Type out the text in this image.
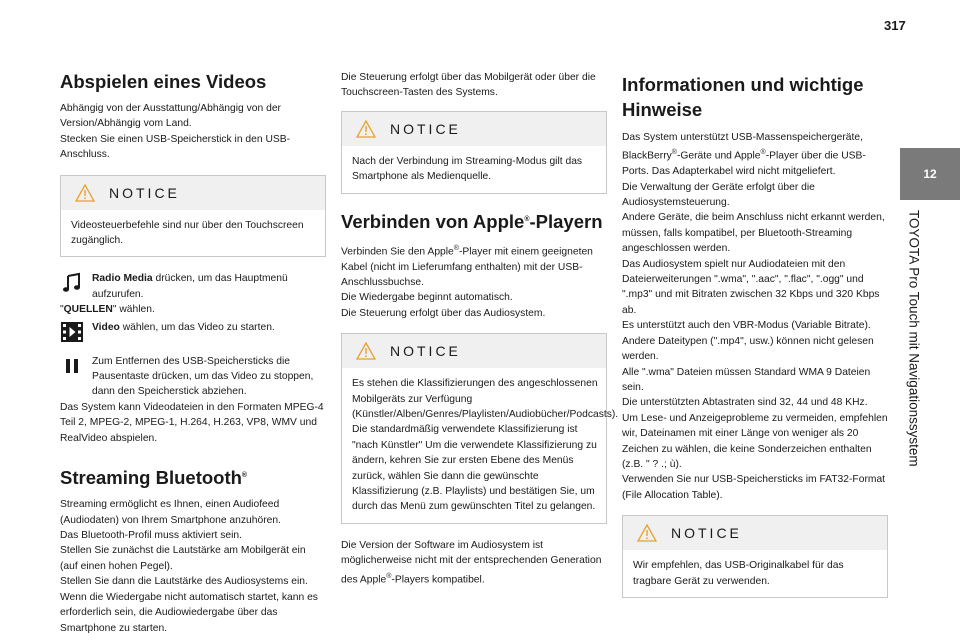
317
12
TOYOTA Pro Touch mit Navigationssystem
Abspielen eines Videos

Abhängig von der Ausstattung/Abhängig von der Version/Abhängig vom Land.

Stecken Sie einen USB-Speicherstick in den USB-Anschluss.

NOTICE
Videosteuerbefehle sind nur über den Touchscreen zugänglich.

Radio Media drücken, um das Hauptmenü aufzurufen.

"QUELLEN" wählen.

Video wählen, um das Video zu starten.

Zum Entfernen des USB-Speichersticks die Pausentaste drücken, um das Video zu stoppen, dann den Speicherstick abziehen.

Das System kann Videodateien in den Formaten MPEG-4 Teil 2, MPEG-2, MPEG-1, H.264, H.263, VP8, WMV und RealVideo abspielen.

Streaming Bluetooth®

Streaming ermöglicht es Ihnen, einen Audiofeed (Audiodaten) von Ihrem Smartphone anzuhören.

Das Bluetooth-Profil muss aktiviert sein.

Stellen Sie zunächst die Lautstärke am Mobilgerät ein (auf einen hohen Pegel).

Stellen Sie dann die Lautstärke des Audiosystems ein.

Wenn die Wiedergabe nicht automatisch startet, kann es erforderlich sein, die Audiowiedergabe über das Smartphone zu starten.

Die Steuerung erfolgt über das Mobilgerät oder über die Touchscreen-Tasten des Systems.

NOTICE
Nach der Verbindung im Streaming-Modus gilt das Smartphone als Medienquelle.
Verbinden von Apple®-Playern

Verbinden Sie den Apple®-Player mit einem geeigneten Kabel (nicht im Lieferumfang enthalten) mit der USB-Anschlussbuchse.

Die Wiedergabe beginnt automatisch.

Die Steuerung erfolgt über das Audiosystem.

NOTICE
Es stehen die Klassifizierungen des angeschlossenen Mobilgeräts zur Verfügung (Künstler/Alben/Genres/Playlisten/Audiobücher/Podcasts).
Die standardmäßig verwendete Klassifizierung ist "nach Künstler" Um die verwendete Klassifizierung zu ändern, kehren Sie zur ersten Ebene des Menüs zurück, wählen Sie dann die gewünschte Klassifizierung (z.B. Playlists) und bestätigen Sie, um durch das Menü zum gewünschten Titel zu gelangen.

Die Version der Software im Audiosystem ist möglicherweise nicht mit der entsprechenden Generation des Apple®-Players kompatibel.

Informationen und wichtige
Hinweise

Das System unterstützt USB-Massenspeichergeräte, BlackBerry®-Geräte und Apple®-Player über die USB-Ports. Das Adapterkabel wird nicht mitgeliefert.

Die Verwaltung der Geräte erfolgt über die Audiosystemsteuerung.

Andere Geräte, die beim Anschluss nicht erkannt werden, müssen, falls kompatibel, per Bluetooth-Streaming angeschlossen werden.

Das Audiosystem spielt nur Audiodateien mit den Dateierweiterungen ".wma", ".aac", ".flac", ".ogg" und ".mp3" und mit Bitraten zwischen 32 Kbps und 320 Kbps ab.

Es unterstützt auch den VBR-Modus (Variable Bitrate).

Andere Dateitypen (".mp4", usw.) können nicht gelesen werden.

Alle ".wma" Dateien müssen Standard WMA 9 Dateien sein.

Die unterstützten Abtastraten sind 32, 44 und 48 KHz.

Um Lese- und Anzeigeprobleme zu vermeiden, empfehlen wir, Dateinamen mit einer Länge von weniger als 20 Zeichen zu wählen, die keine Sonderzeichen enthalten (z.B. " ? .; ù).

Verwenden Sie nur USB-Speichersticks im FAT32-Format (File Allocation Table).

NOTICE
Wir empfehlen, das USB-Originalkabel für das tragbare Gerät zu verwenden.
